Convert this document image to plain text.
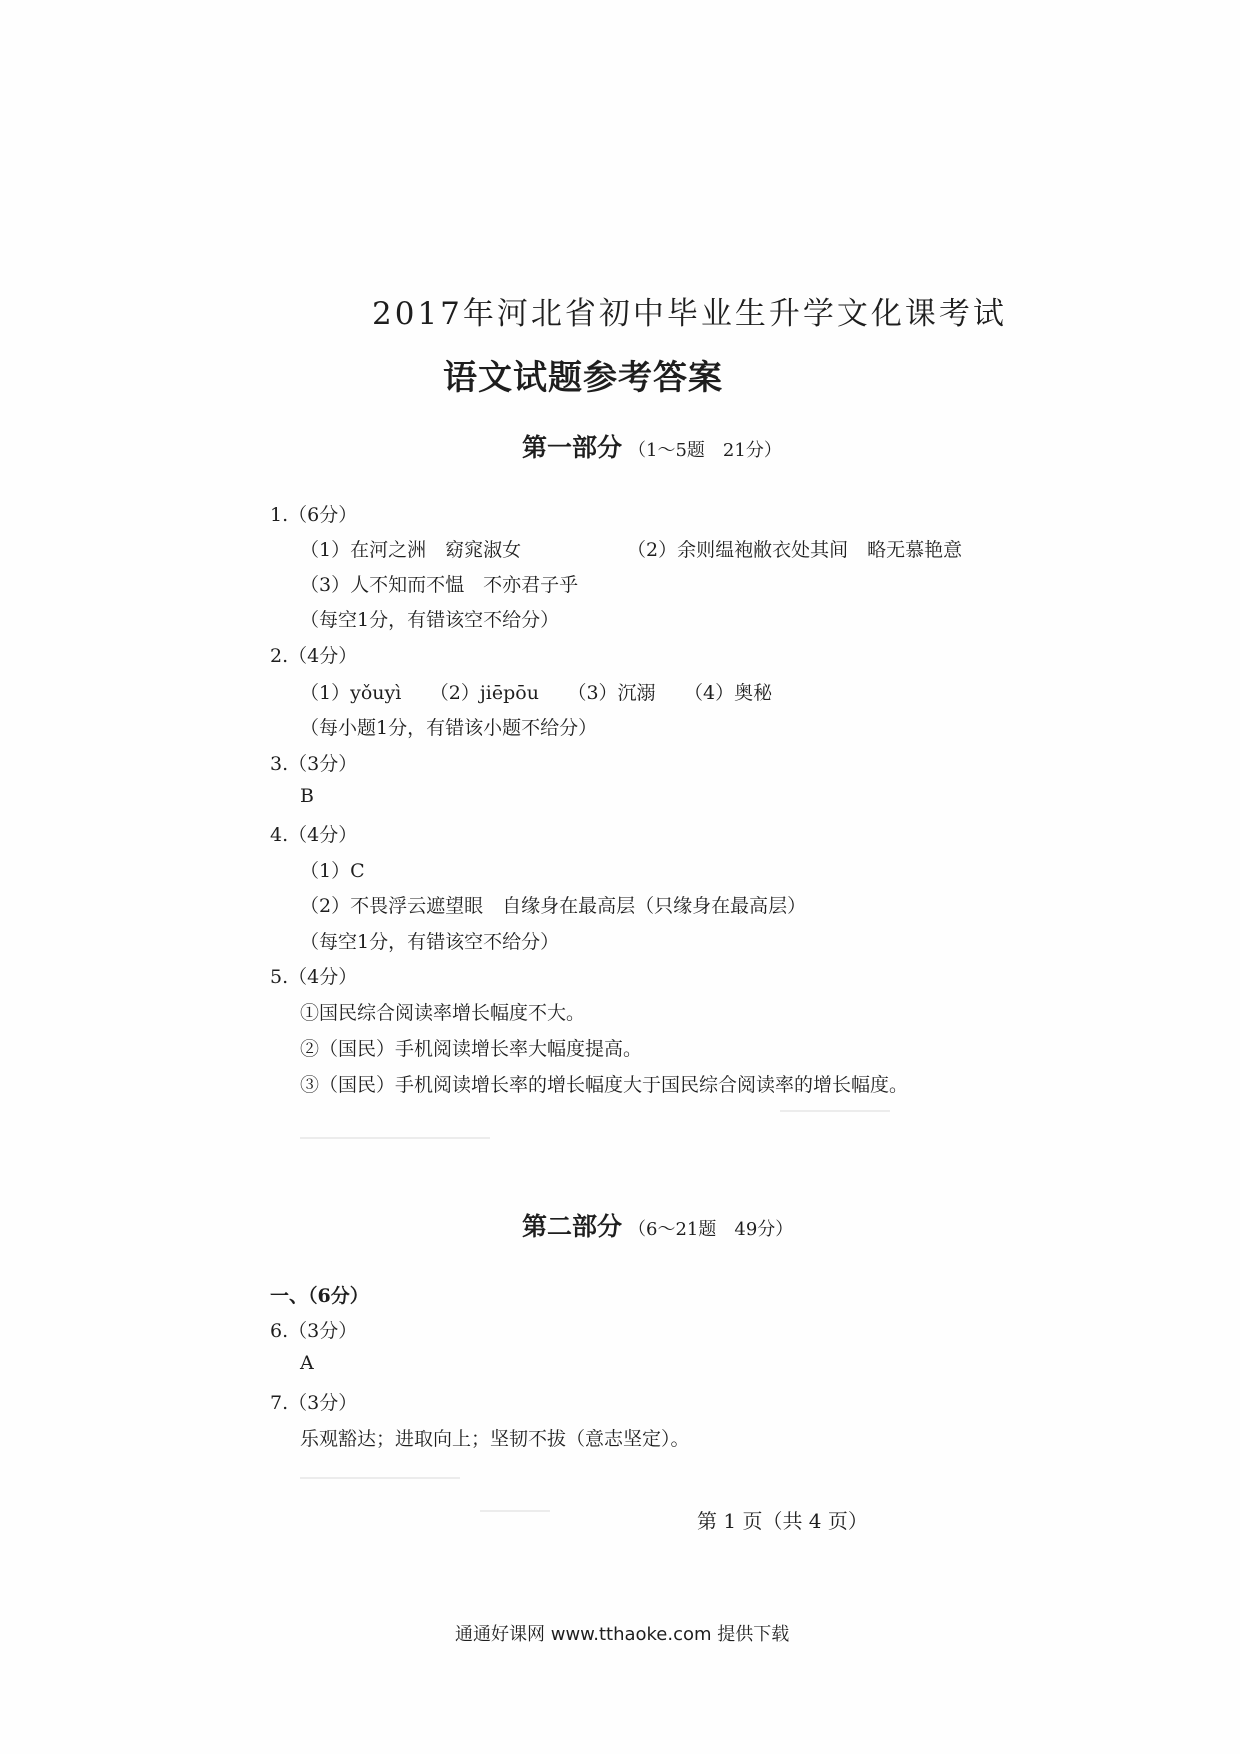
2017年河北省初中毕业生升学文化课考试
语文试题参考答案
第一部分 （1～5题　21分）
1.（6分）
（1）在河之洲　窈窕淑女	（2）余则缊袍敝衣处其间　略无慕艳意
（3）人不知而不愠　不亦君子乎
（每空1分，有错该空不给分）
2.（4分）
（1）yǒuyì　　（2）jiēpōu　　（3）沉溺　　（4）奥秘
（每小题1分，有错该小题不给分）
3.（3分）
B
4.（4分）
（1）C
（2）不畏浮云遮望眼　自缘身在最高层（只缘身在最高层）
（每空1分，有错该空不给分）
5.（4分）
①国民综合阅读率增长幅度不大。
②（国民）手机阅读增长率大幅度提高。
③（国民）手机阅读增长率的增长幅度大于国民综合阅读率的增长幅度。
第二部分 （6～21题　49分）
一、（6分）
6.（3分）
A
7.（3分）
乐观豁达；进取向上；坚韧不拔（意志坚定）。
第 1 页（共 4 页）
通通好课网 www.tthaoke.com 提供下载
